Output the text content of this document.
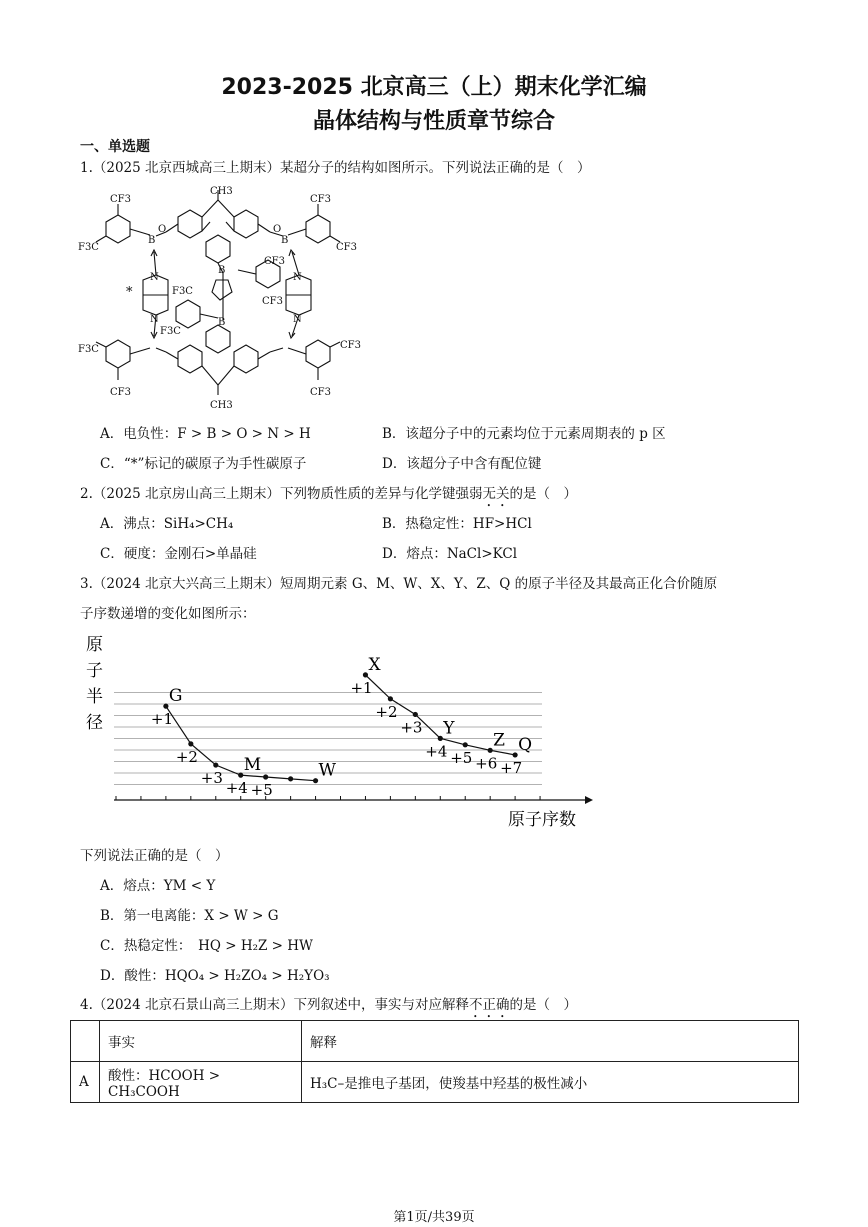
2023-2025 北京高三（上）期末化学汇编
晶体结构与性质章节综合
一、单选题
1.（2025 北京西城高三上期末）某超分子的结构如图所示。下列说法正确的是（　）
CF3
F3C
CF3
CF3
CH3
B	B
O	O
B
B
CF3
CF3
F3C
F3C
N
N
N
N
*
F3C
CF3
CF3
CF3
CH3
A．电负性：F > B > O > N > H	B．该超分子中的元素均位于元素周期表的 p 区
C．“*”标记的碳原子为手性碳原子	D．该超分子中含有配位键
2.（2025 北京房山高三上期末）下列物质性质的差异与化学键强弱无关的是（　）
A．沸点：SiH₄>CH₄	B．热稳定性：HF>HCl
C．硬度：金刚石>单晶硅	D．熔点：NaCl>KCl
3.（2024 北京大兴高三上期末）短周期元素 G、M、W、X、Y、Z、Q 的原子半径及其最高正化合价随原
子序数递增的变化如图所示：
+1
G
+2
+3
+4
M
+5
W
+1
X
+2
+3
+4
Y
+5 +6
Z
+7
Q
原
子
半
径
原子序数
下列说法正确的是（　）
A．熔点：YM < Y
B．第一电离能：X > W > G
C．热稳定性：　HQ > H₂Z > HW
D．酸性：HQO₄ > H₂ZO₄ > H₂YO₃
4.（2024 北京石景山高三上期末）下列叙述中，事实与对应解释不正确的是（　）
	事实	解释
A	酸性：HCOOH > CH₃COOH	H₃C–是推电子基团，使羧基中羟基的极性减小
第1页/共39页
